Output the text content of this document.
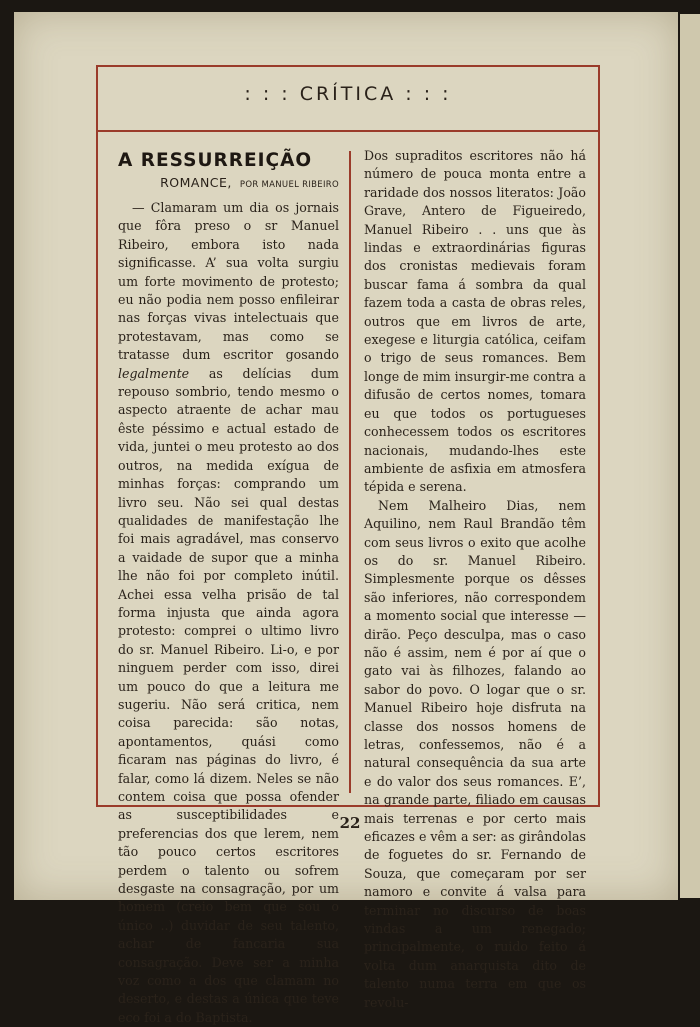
: : : CRÍTICA : : :
A RESSURREIÇÃO
ROMANCE, POR MANUEL RIBEIRO

— Clamaram um dia os jornais que fôra preso o sr Manuel Ribeiro, embora isto nada significasse. A’ sua volta surgiu um forte movimento de protesto; eu não podia nem posso enfileirar nas forças vivas intelectuais que protestavam, mas como se tratasse dum escritor gosando legalmente as delícias dum repouso sombrio, tendo mesmo o aspecto atraente de achar mau êste péssimo e actual estado de vida, juntei o meu protesto ao dos outros, na medida exígua de minhas forças: comprando um livro seu. Não sei qual destas qualidades de manifestação lhe foi mais agradável, mas conservo a vaidade de supor que a minha lhe não foi por completo inútil. Achei essa velha prisão de tal forma injusta que ainda agora protesto: comprei o ultimo livro do sr. Manuel Ribeiro. Li-o, e por ninguem perder com isso, direi um pouco do que a leitura me sugeriu. Não será critica, nem coisa parecida: são notas, apontamentos, quási como ficaram nas páginas do livro, é falar, como lá dizem. Neles se não contem coisa que possa ofender as susceptibilidades e preferencias dos que lerem, nem tão pouco certos escritores perdem o talento ou sofrem desgaste na consagração, por um homem (creio bem que sou o único ..) duvidar de seu talento, achar de fancaria sua consagração. Deve ser a minha voz como a dos que clamam no deserto, e destas a única que teve eco foi a do Baptista.

Dos supraditos escritores não há número de pouca monta entre a raridade dos nossos literatos: João Grave, Antero de Figueiredo, Manuel Ribeiro . . uns que às lindas e extraordinárias figuras dos cronistas medievais foram buscar fama á sombra da qual fazem toda a casta de obras reles, outros que em livros de arte, exegese e liturgia católica, ceifam o trigo de seus romances. Bem longe de mim insurgir-me contra a difusão de certos nomes, tomara eu que todos os portugueses conhecessem todos os escritores nacionais, mudando-lhes este ambiente de asfixia em atmosfera tépida e serena.

Nem Malheiro Dias, nem Aquilino, nem Raul Brandão têm com seus livros o exito que acolhe os do sr. Manuel Ribeiro. Simplesmente porque os dêsses são inferiores, não correspondem a momento social que interesse — dirão. Peço desculpa, mas o caso não é assim, nem é por aí que o gato vai às filhozes, falando ao sabor do povo. O logar que o sr. Manuel Ribeiro hoje disfruta na classe dos nossos homens de letras, confessemos, não é a natural consequência da sua arte e do valor dos seus romances. E’, na grande parte, filiado em causas mais terrenas e por certo mais eficazes e vêm a ser: as girândolas de foguetes do sr. Fernando de Souza, que começaram por ser namoro e convite á valsa para terminar no discurso de boas vindas a um renegado; principalmente, o ruido feito á volta dum anarquista dito de talento numa terra em que os revolu-

22
